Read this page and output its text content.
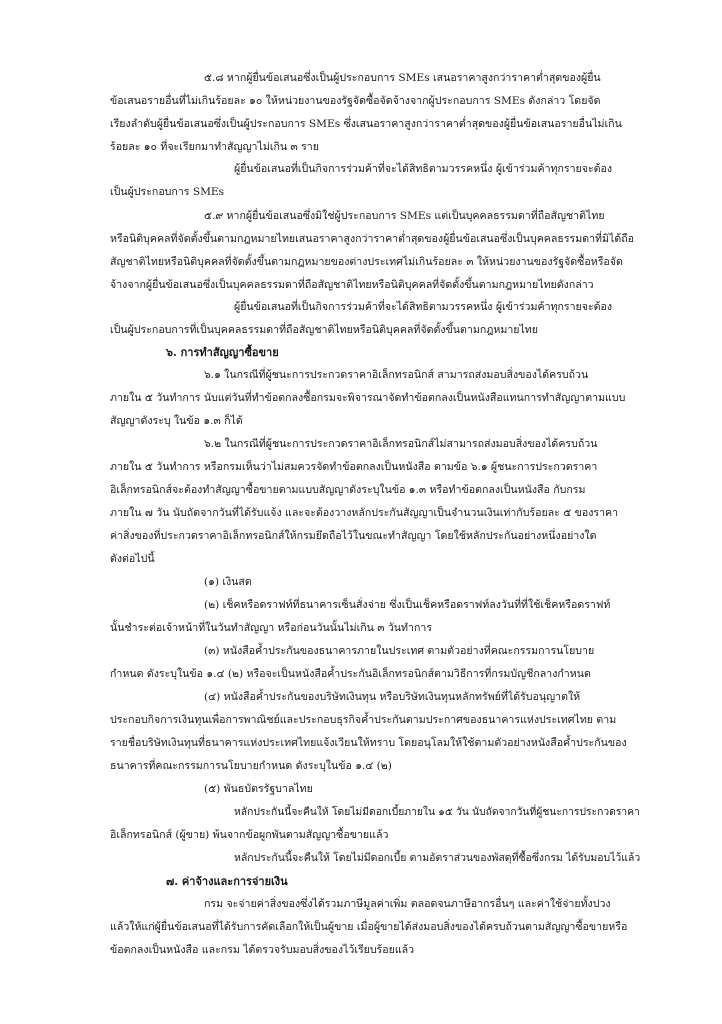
๕.๘ หากผู้ยื่นข้อเสนอซึ่งเป็นผู้ประกอบการ SMEs เสนอราคาสูงกว่าราคาต่ำสุดของผู้ยื่น

ข้อเสนอรายอื่นที่ไม่เกินร้อยละ ๑๐ ให้หน่วยงานของรัฐจัดซื้อจัดจ้างจากผู้ประกอบการ SMEs ดังกล่าว โดยจัด

เรียงลำดับผู้ยื่นข้อเสนอซึ่งเป็นผู้ประกอบการ SMEs ซึ่งเสนอราคาสูงกว่าราคาต่ำสุดของผู้ยื่นข้อเสนอรายอื่นไม่เกิน

ร้อยละ ๑๐ ที่จะเรียกมาทำสัญญาไม่เกิน ๓ ราย

ผู้ยื่นข้อเสนอที่เป็นกิจการร่วมค้าที่จะได้สิทธิตามวรรคหนึ่ง ผู้เข้าร่วมค้าทุกรายจะต้อง

เป็นผู้ประกอบการ SMEs

๕.๙ หากผู้ยื่นข้อเสนอซึ่งมิใช่ผู้ประกอบการ SMEs แต่เป็นบุคคลธรรมดาที่ถือสัญชาติไทย

หรือนิติบุคคลที่จัดตั้งขึ้นตามกฎหมายไทยเสนอราคาสูงกว่าราคาต่ำสุดของผู้ยื่นข้อเสนอซึ่งเป็นบุคคลธรรมดาที่มิได้ถือ

สัญชาติไทยหรือนิติบุคคลที่จัดตั้งขึ้นตามกฎหมายของต่างประเทศไม่เกินร้อยละ ๓ ให้หน่วยงานของรัฐจัดซื้อหรือจัด

จ้างจากผู้ยื่นข้อเสนอซึ่งเป็นบุคคลธรรมดาที่ถือสัญชาติไทยหรือนิติบุคคลที่จัดตั้งขึ้นตามกฎหมายไทยดังกล่าว

ผู้ยื่นข้อเสนอที่เป็นกิจการร่วมค้าที่จะได้สิทธิตามวรรคหนึ่ง ผู้เข้าร่วมค้าทุกรายจะต้อง

เป็นผู้ประกอบการที่เป็นบุคคลธรรมดาที่ถือสัญชาติไทยหรือนิติบุคคลที่จัดตั้งขึ้นตามกฎหมายไทย

๖. การทำสัญญาซื้อขาย

๖.๑ ในกรณีที่ผู้ชนะการประกวดราคาอิเล็กทรอนิกส์ สามารถส่งมอบสิ่งของได้ครบถ้วน

ภายใน ๕ วันทำการ นับแต่วันที่ทำข้อตกลงซื้อกรมจะพิจารณาจัดทำข้อตกลงเป็นหนังสือแทนการทำสัญญาตามแบบ

สัญญาดังระบุ ในข้อ ๑.๓ ก็ได้

๖.๒ ในกรณีที่ผู้ชนะการประกวดราคาอิเล็กทรอนิกส์ไม่สามารถส่งมอบสิ่งของได้ครบถ้วน

ภายใน ๕ วันทำการ หรือกรมเห็นว่าไม่สมควรจัดทำข้อตกลงเป็นหนังสือ ตามข้อ ๖.๑ ผู้ชนะการประกวดราคา

อิเล็กทรอนิกส์จะต้องทำสัญญาซื้อขายตามแบบสัญญาดังระบุในข้อ ๑.๓ หรือทำข้อตกลงเป็นหนังสือ กับกรม

ภายใน ๗ วัน นับถัดจากวันที่ได้รับแจ้ง และจะต้องวางหลักประกันสัญญาเป็นจำนวนเงินเท่ากับร้อยละ ๕ ของราคา

ค่าสิ่งของที่ประกวดราคาอิเล็กทรอนิกส์ให้กรมยึดถือไว้ในขณะทำสัญญา โดยใช้หลักประกันอย่างหนึ่งอย่างใด

ดังต่อไปนี้

(๑) เงินสด

(๒) เช็คหรือดราฟท์ที่ธนาคารเซ็นสั่งจ่าย ซึ่งเป็นเช็คหรือดราฟท์ลงวันที่ที่ใช้เช็คหรือดราฟท์

นั้นชำระต่อเจ้าหน้าที่ในวันทำสัญญา หรือก่อนวันนั้นไม่เกิน ๓ วันทำการ

(๓) หนังสือค้ำประกันของธนาคารภายในประเทศ ตามตัวอย่างที่คณะกรรมการนโยบาย

กำหนด ดังระบุในข้อ ๑.๔ (๒) หรือจะเป็นหนังสือค้ำประกันอิเล็กทรอนิกส์ตามวิธีการที่กรมบัญชีกลางกำหนด

(๔) หนังสือค้ำประกันของบริษัทเงินทุน หรือบริษัทเงินทุนหลักทรัพย์ที่ได้รับอนุญาตให้

ประกอบกิจการเงินทุนเพื่อการพาณิชย์และประกอบธุรกิจค้ำประกันตามประกาศของธนาคารแห่งประเทศไทย ตาม

รายชื่อบริษัทเงินทุนที่ธนาคารแห่งประเทศไทยแจ้งเวียนให้ทราบ โดยอนุโลมให้ใช้ตามตัวอย่างหนังสือค้ำประกันของ

ธนาคารที่คณะกรรมการนโยบายกำหนด ดังระบุในข้อ ๑.๔ (๒)

(๕) พันธบัตรรัฐบาลไทย

หลักประกันนี้จะคืนให้ โดยไม่มีดอกเบี้ยภายใน ๑๕ วัน นับถัดจากวันที่ผู้ชนะการประกวดราคา

อิเล็กทรอนิกส์ (ผู้ขาย) พ้นจากข้อผูกพันตามสัญญาซื้อขายแล้ว

หลักประกันนี้จะคืนให้ โดยไม่มีดอกเบี้ย ตามอัตราส่วนของพัสดุที่ซื้อซึ่งกรม ได้รับมอบไว้แล้ว

๗. ค่าจ้างและการจ่ายเงิน

กรม จะจ่ายค่าสิ่งของซึ่งได้รวมภาษีมูลค่าเพิ่ม ตลอดจนภาษีอากรอื่นๆ และค่าใช้จ่ายทั้งปวง

แล้วให้แก่ผู้ยื่นข้อเสนอที่ได้รับการคัดเลือกให้เป็นผู้ขาย เมื่อผู้ขายได้ส่งมอบสิ่งของได้ครบถ้วนตามสัญญาซื้อขายหรือ

ข้อตกลงเป็นหนังสือ และกรม ได้ตรวจรับมอบสิ่งของไว้เรียบร้อยแล้ว
